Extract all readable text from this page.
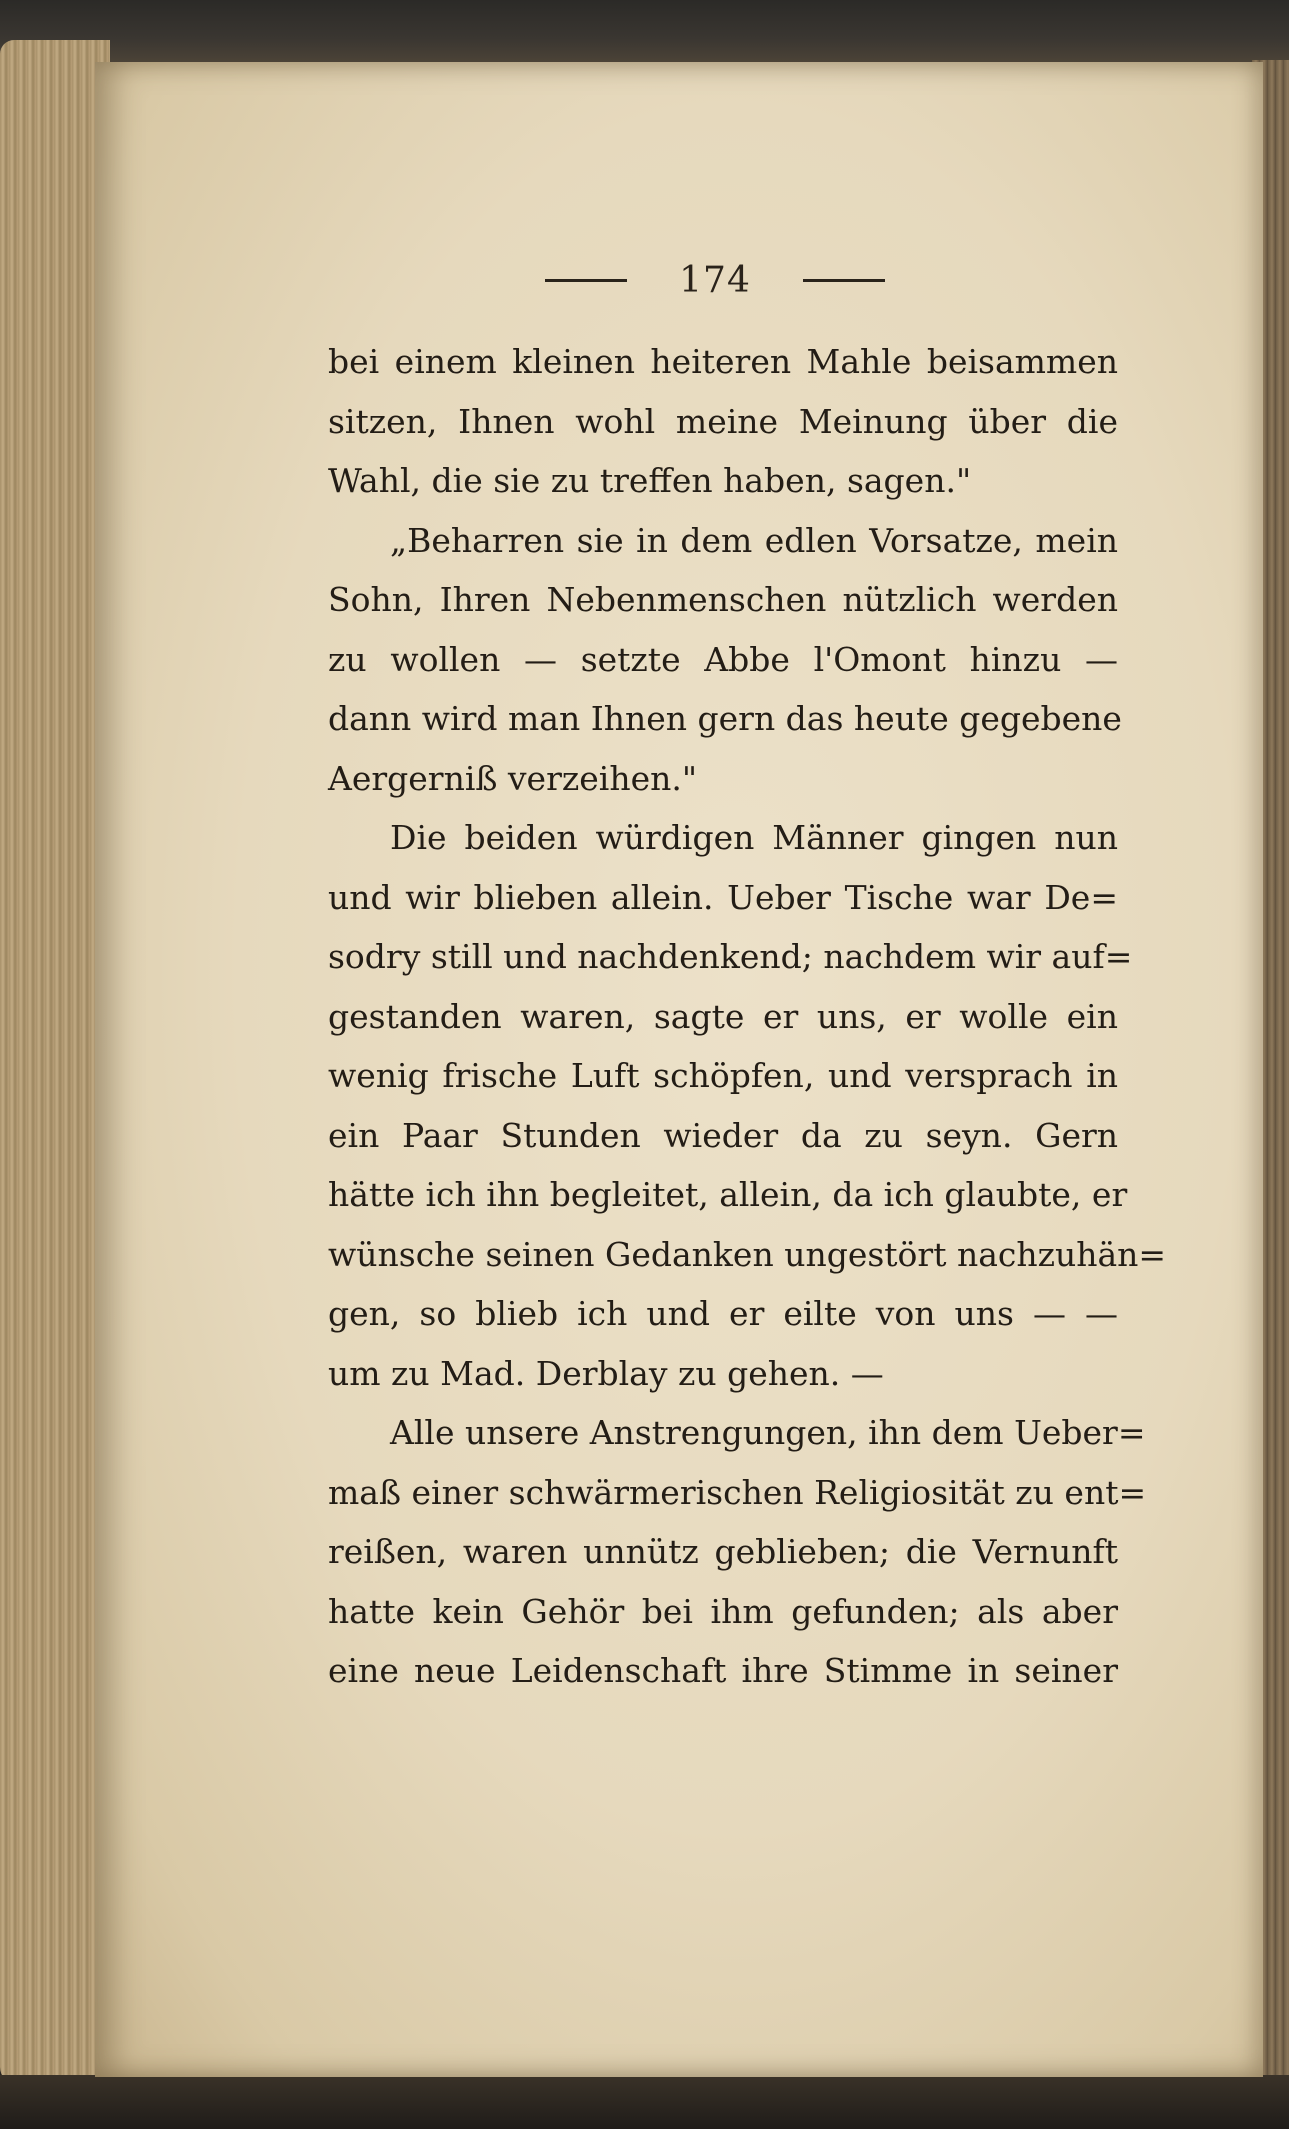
174
bei einem kleinen heiteren Mahle beisammen
sitzen, Ihnen wohl meine Meinung über die
Wahl, die sie zu treffen haben, sagen."
„Beharren sie in dem edlen Vorsatze, mein
Sohn, Ihren Nebenmenschen nützlich werden
zu wollen — setzte Abbe l'Omont hinzu —
dann wird man Ihnen gern das heute gegebene
Aergerniß verzeihen."
Die beiden würdigen Männer gingen nun
und wir blieben allein. Ueber Tische war De=
sodry still und nachdenkend; nachdem wir auf=
gestanden waren, sagte er uns, er wolle ein
wenig frische Luft schöpfen, und versprach in
ein Paar Stunden wieder da zu seyn. Gern
hätte ich ihn begleitet, allein, da ich glaubte, er
wünsche seinen Gedanken ungestört nachzuhän=
gen, so blieb ich und er eilte von uns — —
um zu Mad. Derblay zu gehen. —
Alle unsere Anstrengungen, ihn dem Ueber=
maß einer schwärmerischen Religiosität zu ent=
reißen, waren unnütz geblieben; die Vernunft
hatte kein Gehör bei ihm gefunden; als aber
eine neue Leidenschaft ihre Stimme in seiner
